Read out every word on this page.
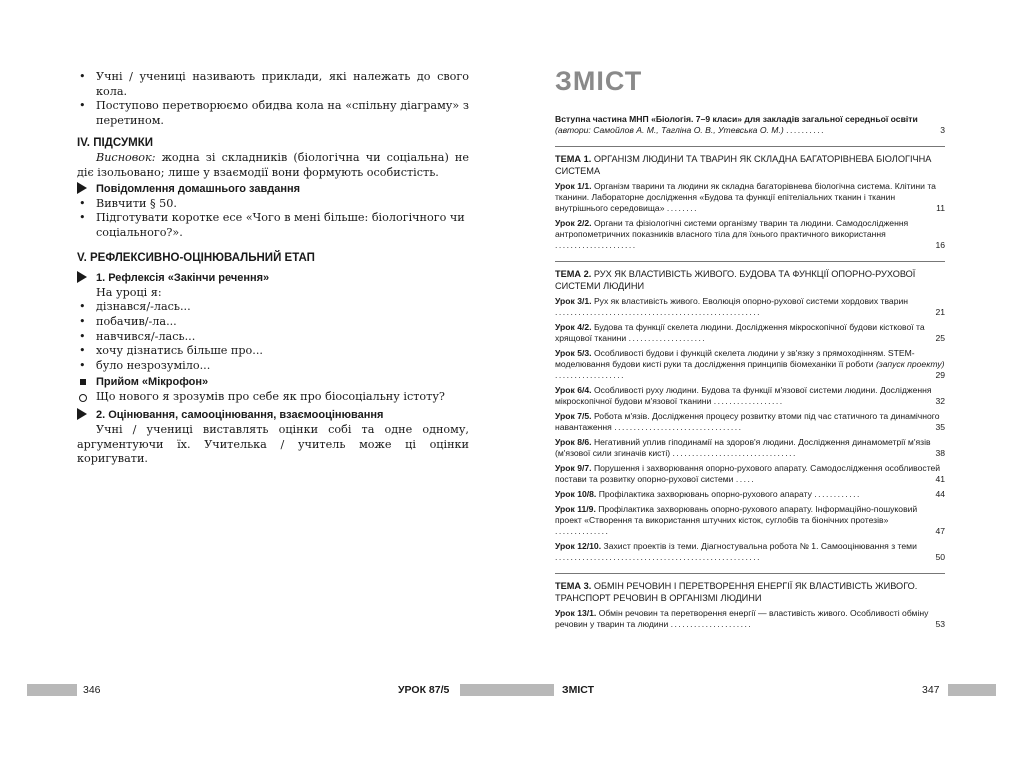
• Учні / учениці називають приклади, які належать до свого кола.
• Поступово перетворюємо обидва кола на «спільну діаграму» з перетином.
IV. ПІДСУМКИ
Висновок: жодна зі складників (біологічна чи соціальна) не діє ізольовано; лише у взаємодії вони формують особистість.
Повідомлення домашнього завдання
• Вивчити § 50.
• Підготувати коротке есе «Чого в мені більше: біологічного чи соціального?».
V. РЕФЛЕКСИВНО-ОЦІНЮВАЛЬНИЙ ЕТАП
1. Рефлексія «Закінчи речення»
На уроці я:
• дізнався/-лась...
• побачив/-ла...
• навчився/-лась...
• хочу дізнатись більше про...
• було незрозуміло...
Прийом «Мікрофон»
Що нового я зрозумів про себе як про біосоціальну істоту?
2. Оцінювання, самооцінювання, взаємооцінювання
Учні / учениці виставлять оцінки собі та одне одному, аргументуючи їх. Учителька / учитель може ці оцінки коригувати.
346	УРОК 87/5
ЗМІСТ
Вступна частина МНП «Біологія. 7–9 класи» для закладів загальної середньої освіти (автори: Самойлов А. М., Тагліна О. В., Утевська О. М.) ..........	3
ТЕМА 1. ОРГАНІЗМ ЛЮДИНИ ТА ТВАРИН ЯК СКЛАДНА БАГАТОРІВНЕВА БІОЛОГІЧНА СИСТЕМА
Урок 1/1. Організм тварини та людини як складна багаторівнева біологічна система. Клітини та тканини. Лабораторне дослідження «Будова та функції епітеліальних тканин і тканин внутрішнього середовища» ........	11
Урок 2/2. Органи та фізіологічні системи організму тварин та людини. Самодослідження антропометричних показників власного тіла для їхнього практичного використання .....................	16
ТЕМА 2. РУХ ЯК ВЛАСТИВІСТЬ ЖИВОГО. БУДОВА ТА ФУНКЦІЇ ОПОРНО-РУХОВОЇ СИСТЕМИ ЛЮДИНИ
Урок 3/1. Рух як властивість живого. Еволюція опорно-рухової системи хордових тварин .....................................................	21
Урок 4/2. Будова та функції скелета людини. Дослідження мікроскопічної будови кісткової та хрящової тканини ....................	25
Урок 5/3. Особливості будови і функцій скелета людини у зв'язку з прямоходінням. STEM-моделювання будови кисті руки та дослідження принципів біомеханіки її роботи (запуск проекту) ..................	29
Урок 6/4. Особливості руху людини. Будова та функції м'язової системи людини. Дослідження мікроскопічної будови м'язової тканини ..................	32
Урок 7/5. Робота м'язів. Дослідження процесу розвитку втоми під час статичного та динамічного навантаження .................................	35
Урок 8/6. Негативний уплив гіподинамії на здоров'я людини. Дослідження динамометрії м'язів (м'язової сили згиначів кисті) ................................	38
Урок 9/7. Порушення і захворювання опорно-рухового апарату. Самодослідження особливостей постави та розвитку опорно-рухової системи .....	41
Урок 10/8. Профілактика захворювань опорно-рухового апарату ............	44
Урок 11/9. Профілактика захворювань опорно-рухового апарату. Інформаційно-пошуковий проект «Створення та використання штучних кісток, суглобів та біонічних протезів» ..............	47
Урок 12/10. Захист проектів із теми. Діагностувальна робота № 1. Самооцінювання з теми .....................................................	50
ТЕМА 3. ОБМІН РЕЧОВИН І ПЕРЕТВОРЕННЯ ЕНЕРГІЇ ЯК ВЛАСТИВІСТЬ ЖИВОГО. ТРАНСПОРТ РЕЧОВИН В ОРГАНІЗМІ ЛЮДИНИ
Урок 13/1. Обмін речовин та перетворення енергії — властивість живого. Особливості обміну речовин у тварин та людини .....................	53
ЗМІСТ	347
